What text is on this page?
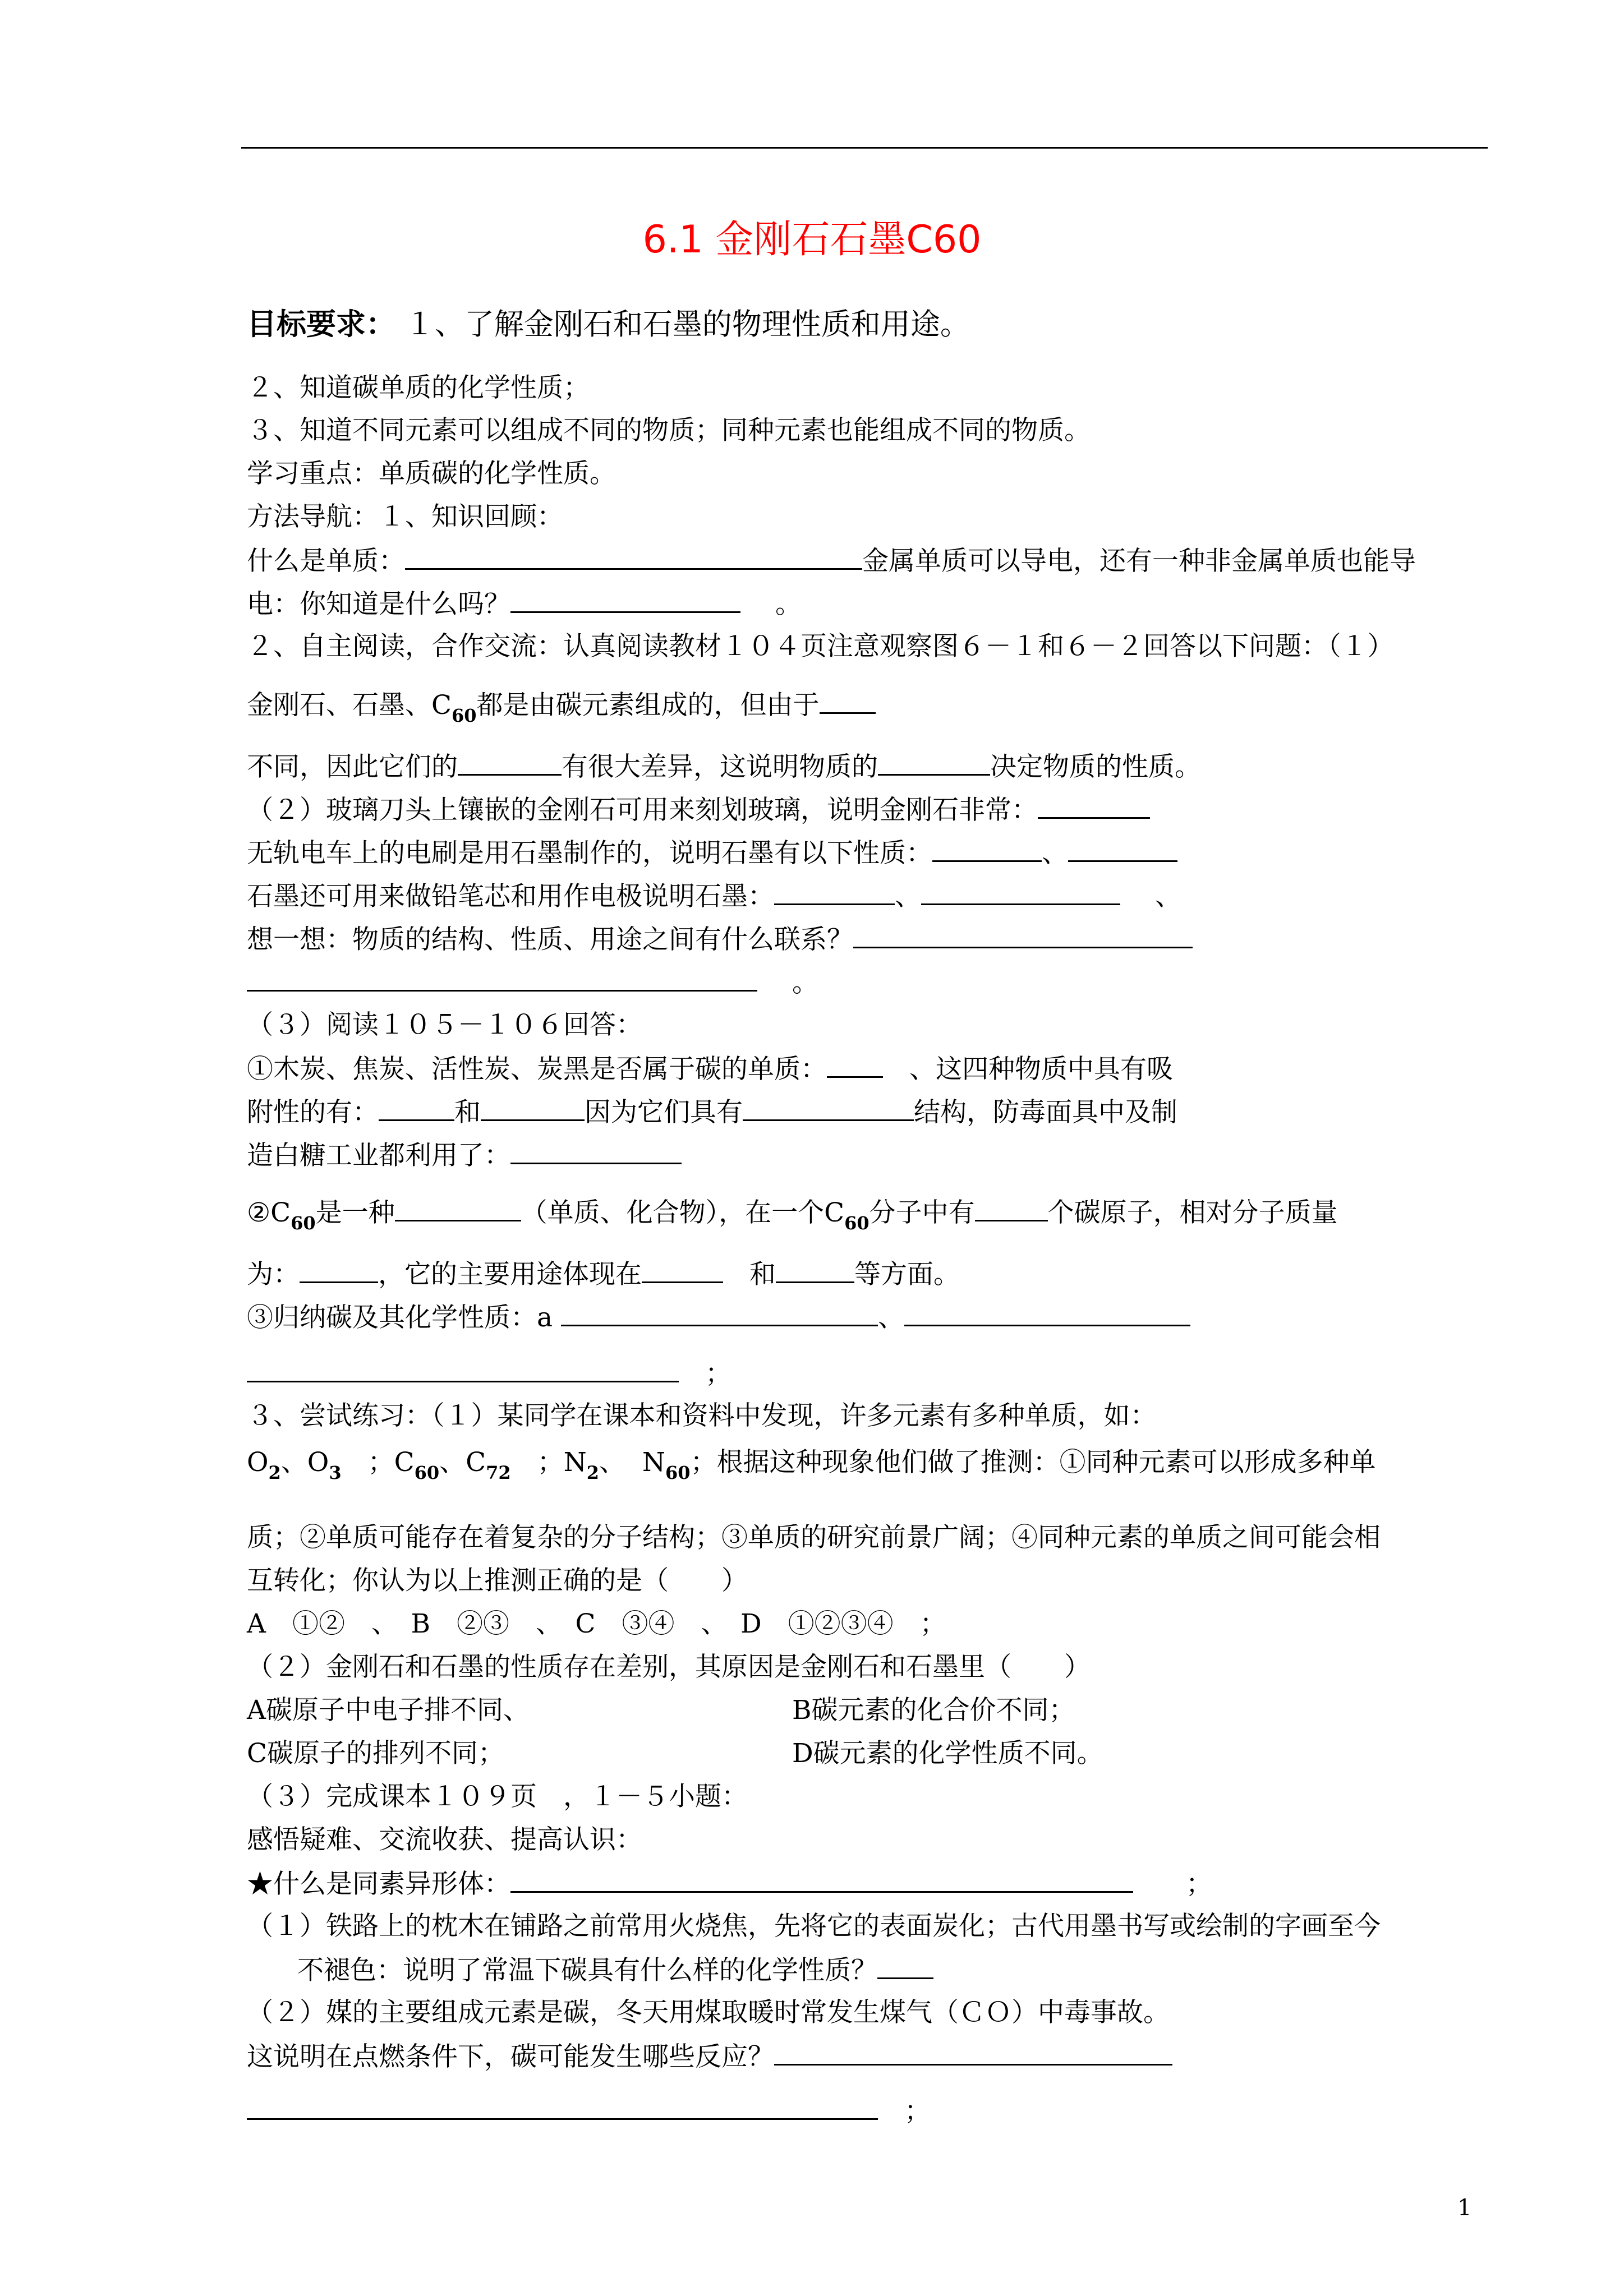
6.1 金刚石石墨C60
目标要求： １、了解金刚石和石墨的物理性质和用途。
２、知道碳单质的化学性质；
３、知道不同元素可以组成不同的物质；同种元素也能组成不同的物质。
学习重点：单质碳的化学性质。
方法导航：１、知识回顾：
什么是单质：	金属单质可以导电，还有一种非金属单质也能导
电：你知道是什么吗？　	。
２、自主阅读，合作交流：认真阅读教材１０４页注意观察图６－１和６－２回答以下问题：（１）
金刚石、石墨、$C_{60}$都是由碳元素组成的，但由于
不同，因此它们的	有很大差异，这说明物质的	决定物质的性质。
（２）玻璃刀头上镶嵌的金刚石可用来刻划玻璃，说明金刚石非常：
无轨电车上的电刷是用石墨制作的，说明石墨有以下性质：	、
石墨还可用来做铅笔芯和用作电极说明石墨：	、　	、
想一想：物质的结构、性质、用途之间有什么联系？
　 。
（３）阅读１０５－１０６回答：
①木炭、焦炭、活性炭、炭黑是否属于碳的单质：　	、这四种物质中具有吸
附性的有：	和	因为它们具有	结构，防毒面具中及制
造白糖工业都利用了：
$②C_{60}$是一种	（单质、化合物），在一个$C_{60}$分子中有	个碳原子，相对分子质量
为：	，它的主要用途体现在　	和	等方面。
③归纳碳及其化学性质：a	、
　；
３、尝试练习：（１）某同学在课本和资料中发现，许多元素有多种单质，如：
$O_2$、$O_3$　 ；$C_{60}$、$C_{72}$　 ；$N_2$、  $N_{60}$；根据这种现象他们做了推测：①同种元素可以形成多种单
质；②单质可能存在着复杂的分子结构；③单质的研究前景广阔；④同种元素的单质之间可能会相
互转化；你认为以上推测正确的是（　　）
A　①②　、　B　②③　、　C　③④　、　D　①②③④　；
（２）金刚石和石墨的性质存在差别，其原因是金刚石和石墨里（　　）
A碳原子中电子排不同、	B碳元素的化合价不同；
C碳原子的排列不同；	D碳元素的化学性质不同。
（３）完成课本１０９页　，１－５小题：
感悟疑难、交流收获、提高认识：
★什么是同素异形体：　　	；
（１）铁路上的枕木在铺路之前常用火烧焦，先将它的表面炭化；古代用墨书写或绘制的字画至今
不褪色：说明了常温下碳具有什么样的化学性质？
（２）媒的主要组成元素是碳，冬天用煤取暖时常发生煤气（ＣＯ）中毒事故。
这说明在点燃条件下，碳可能发生哪些反应？
　；
1
